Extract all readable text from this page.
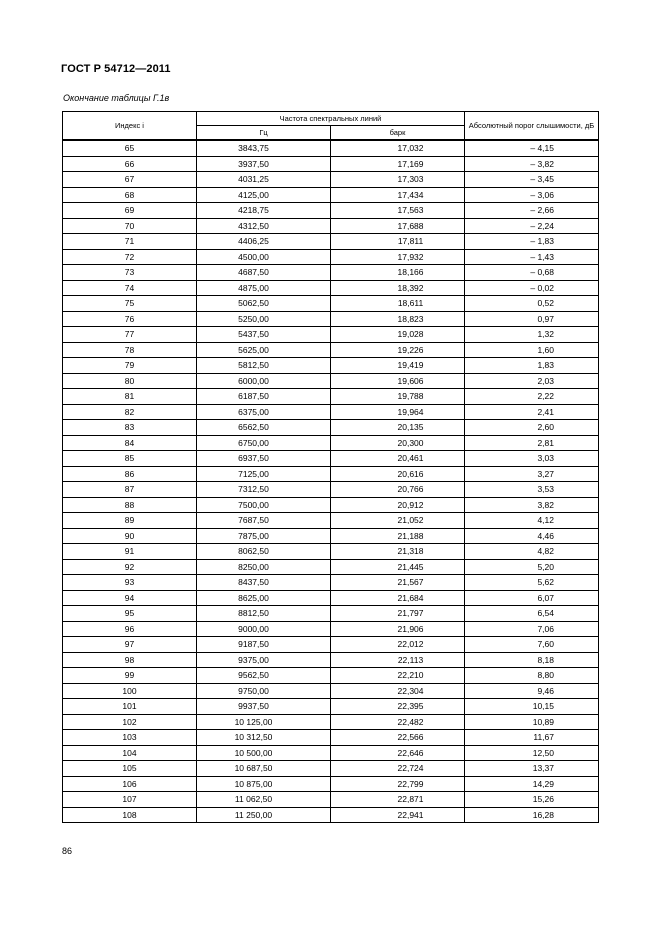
ГОСТ Р 54712—2011
Окончание таблицы Г.1в
Индекс i	Частота спектральных линий		Абсолютный порог слышимости, дБ
	Гц	барк	
65	3843,75	17,032	– 4,15
66	3937,50	17,169	– 3,82
67	4031,25	17,303	– 3,45
68	4125,00	17,434	– 3,06
69	4218,75	17,563	– 2,66
70	4312,50	17,688	– 2,24
71	4406,25	17,811	– 1,83
72	4500,00	17,932	– 1,43
73	4687,50	18,166	– 0,68
74	4875,00	18,392	– 0,02
75	5062,50	18,611	0,52
76	5250,00	18,823	0,97
77	5437,50	19,028	1,32
78	5625,00	19,226	1,60
79	5812,50	19,419	1,83
80	6000,00	19,606	2,03
81	6187,50	19,788	2,22
82	6375,00	19,964	2,41
83	6562,50	20,135	2,60
84	6750,00	20,300	2,81
85	6937,50	20,461	3,03
86	7125,00	20,616	3,27
87	7312,50	20,766	3,53
88	7500,00	20,912	3,82
89	7687,50	21,052	4,12
90	7875,00	21,188	4,46
91	8062,50	21,318	4,82
92	8250,00	21,445	5,20
93	8437,50	21,567	5,62
94	8625,00	21,684	6,07
95	8812,50	21,797	6,54
96	9000,00	21,906	7,06
97	9187,50	22,012	7,60
98	9375,00	22,113	8,18
99	9562,50	22,210	8,80
100	9750,00	22,304	9,46
101	9937,50	22,395	10,15
102	10 125,00	22,482	10,89
103	10 312,50	22,566	11,67
104	10 500,00	22,646	12,50
105	10 687,50	22,724	13,37
106	10 875,00	22,799	14,29
107	11 062,50	22,871	15,26
108	11 250,00	22,941	16,28
86
